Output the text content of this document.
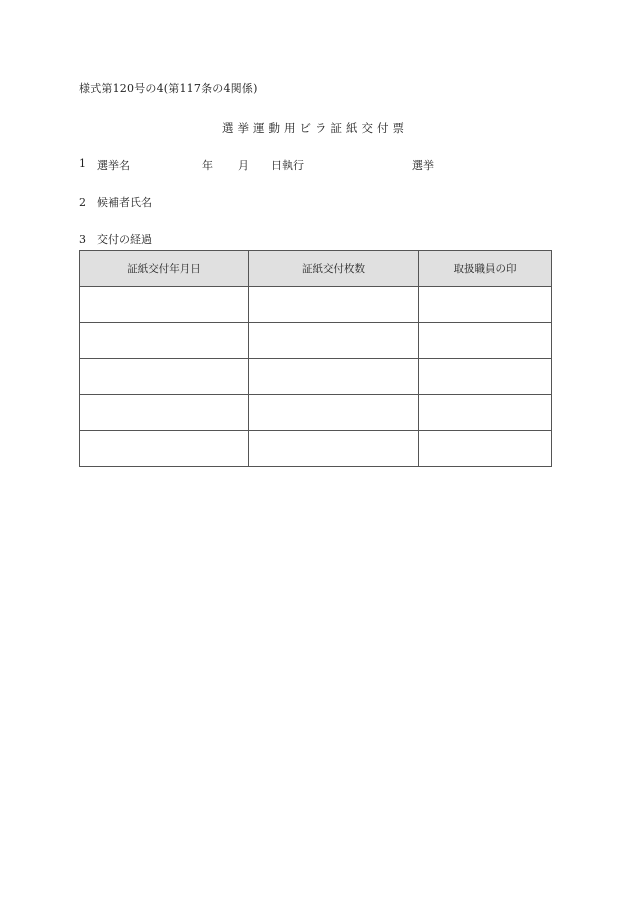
様式第120号の4(第117条の4関係)
選挙運動用ビラ証紙交付票
1 選挙名	年 月 日執行	選挙
2 候補者氏名
3 交付の経過
証紙交付年月日	証紙交付枚数	取扱職員の印
